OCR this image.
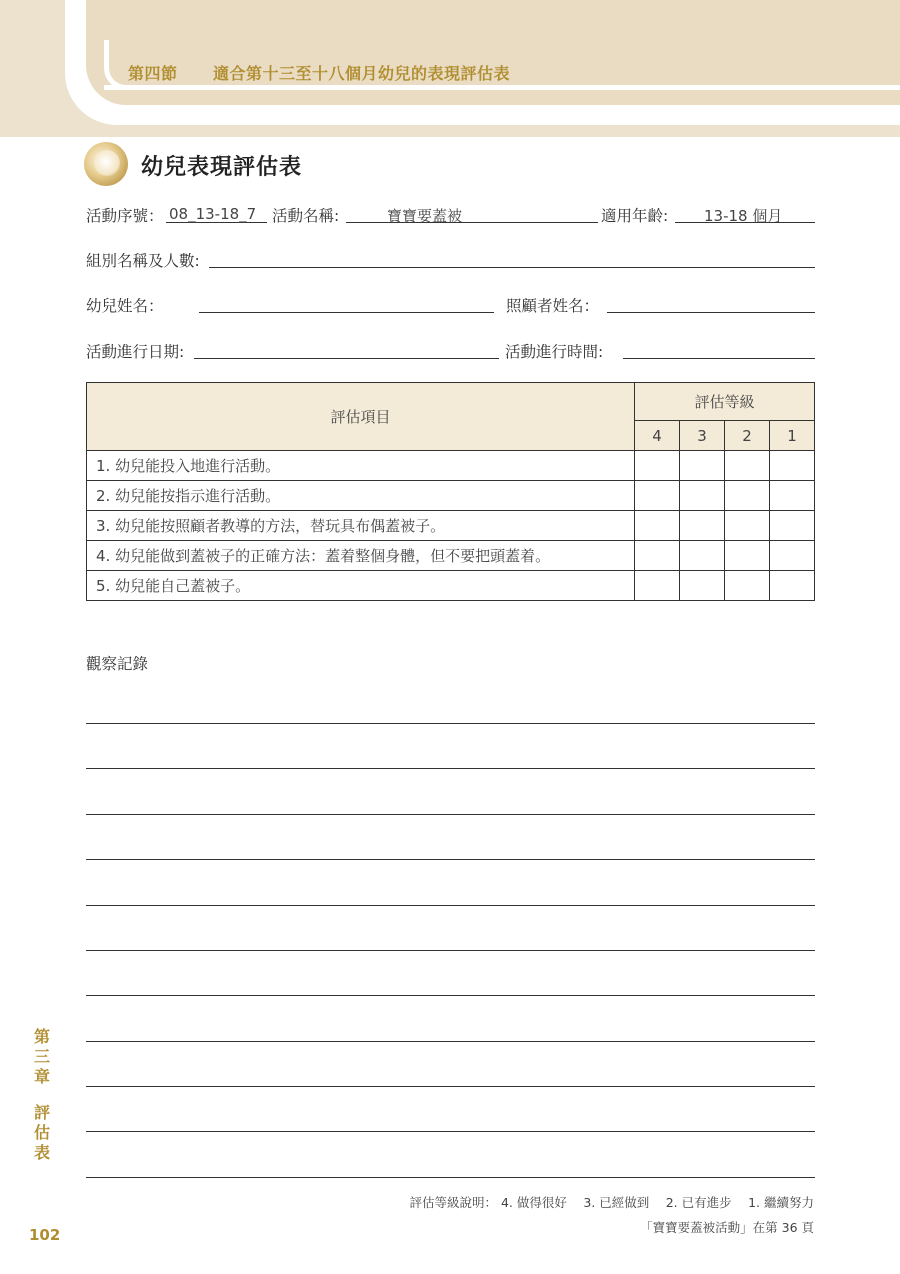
第四節 適合第十三至十八個月幼兒的表現評估表
幼兒表現評估表
活動序號： 08_13-18_7 活動名稱:	寶寶要蓋被	適用年齡: 13-18 個月
組別名稱及人數:
幼兒姓名：	照顧者姓名：
活動進行日期:	活動進行時間:
評估項目	評估等級			
	4	3	2	1
1. 幼兒能投入地進行活動。				
2. 幼兒能按指示進行活動。				
3. 幼兒能按照顧者教導的方法，替玩具布偶蓋被子。				
4. 幼兒能做到蓋被子的正確方法：蓋着整個身體，但不要把頭蓋着。				
5. 幼兒能自己蓋被子。				
觀察記錄
第
三
章
評
估
表
102
評估等級說明： 4. 做得很好　 3. 已經做到　 2. 已有進步　 1. 繼續努力
「寶寶要蓋被活動」在第 36 頁
